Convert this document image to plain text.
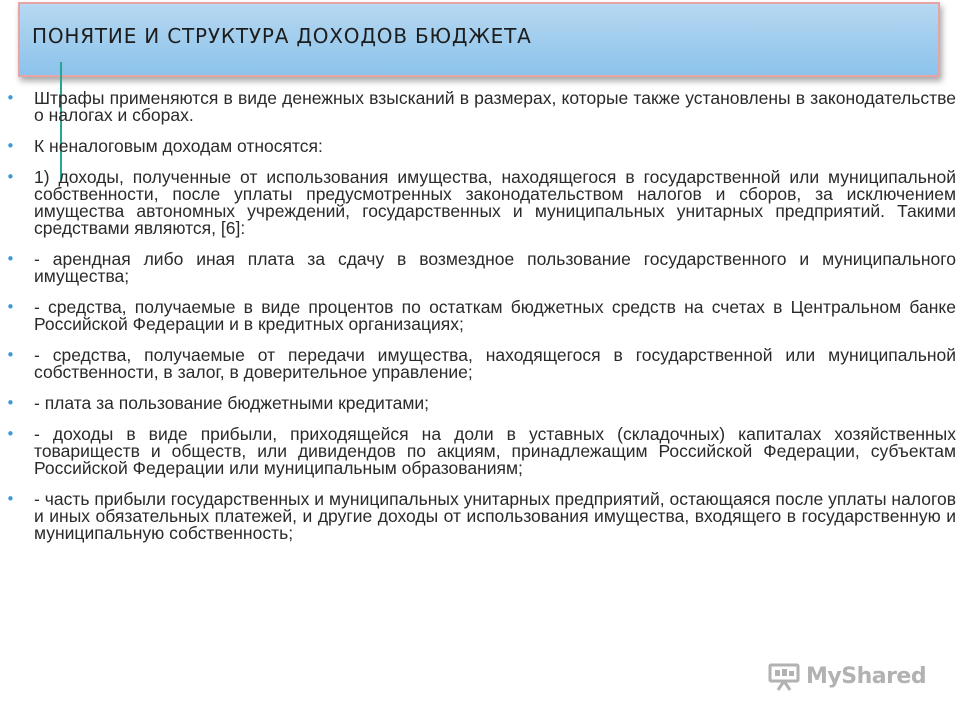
ПОНЯТИЕ И СТРУКТУРА ДОХОДОВ БЮДЖЕТА
•	Штрафы применяются в виде денежных взысканий в размерах, которые также установлены в законодательстве о налогах и сборах.

•	К неналоговым доходам относятся:

•	1) доходы, полученные от использования имущества, находящегося в государственной или муниципальной собственности, после уплаты предусмотренных законодательством налогов и сборов, за исключением имущества автономных учреждений, государственных и муниципальных унитарных предприятий. Такими средствами являются, [6]:

•	- арендная либо иная плата за сдачу в возмездное пользование государственного и муниципального имущества;

•	- средства, получаемые в виде процентов по остаткам бюджетных средств на счетах в Центральном банке Российской Федерации и в кредитных организациях;

•	- средства, получаемые от передачи имущества, находящегося в государственной или муниципальной собственности, в залог, в доверительное управление;

•	- плата за пользование бюджетными кредитами;

•	- доходы в виде прибыли, приходящейся на доли в уставных (складочных) капиталах хозяйственных товариществ и обществ, или дивидендов по акциям, принадлежащим Российской Федерации, субъектам Российской Федерации или муниципальным образованиям;

•	- часть прибыли государственных и муниципальных унитарных предприятий, остающаяся после уплаты налогов и иных обязательных платежей, и другие доходы от использования имущества, входящего в государственную и муниципальную собственность;

MyShared
